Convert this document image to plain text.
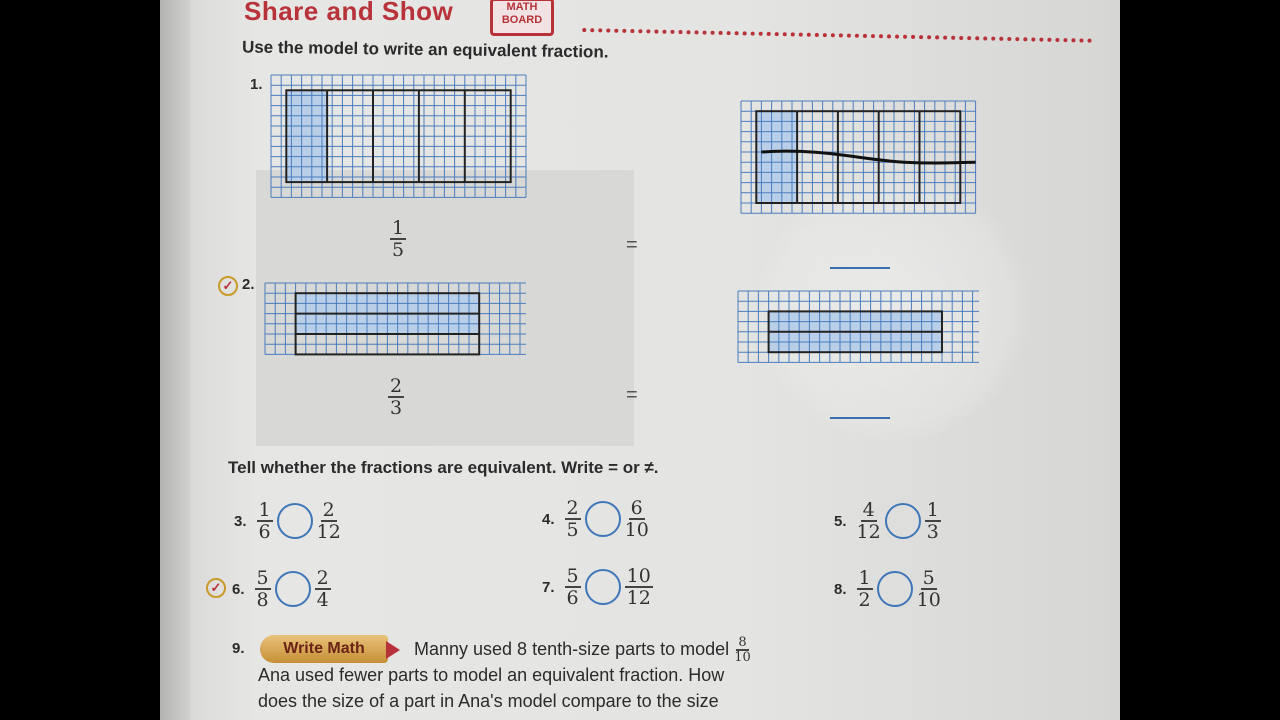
Share and Show	MATH
BOARD
Use the model to write an equivalent fraction.
1.
$\frac{1}{5}$	=
✓ 2.
$\frac{2}{3}$	=
Tell whether the fractions are equivalent. Write = or ≠.
3. $\frac{1}{6} \frac{2}{12}$	4. $\frac{2}{5} \frac{6}{10}$	5. $\frac{4}{12} \frac{1}{3}$
✓ 6. $\frac{5}{8} \frac{2}{4}$	7. $\frac{5}{6} \frac{10}{12}$	8. $\frac{1}{2} \frac{5}{10}$
9.	Write Math	Manny used 8 tenth-size parts to model $\frac{8}{10}$
Ana used fewer parts to model an equivalent fraction. How
does the size of a part in Ana's model compare to the size
